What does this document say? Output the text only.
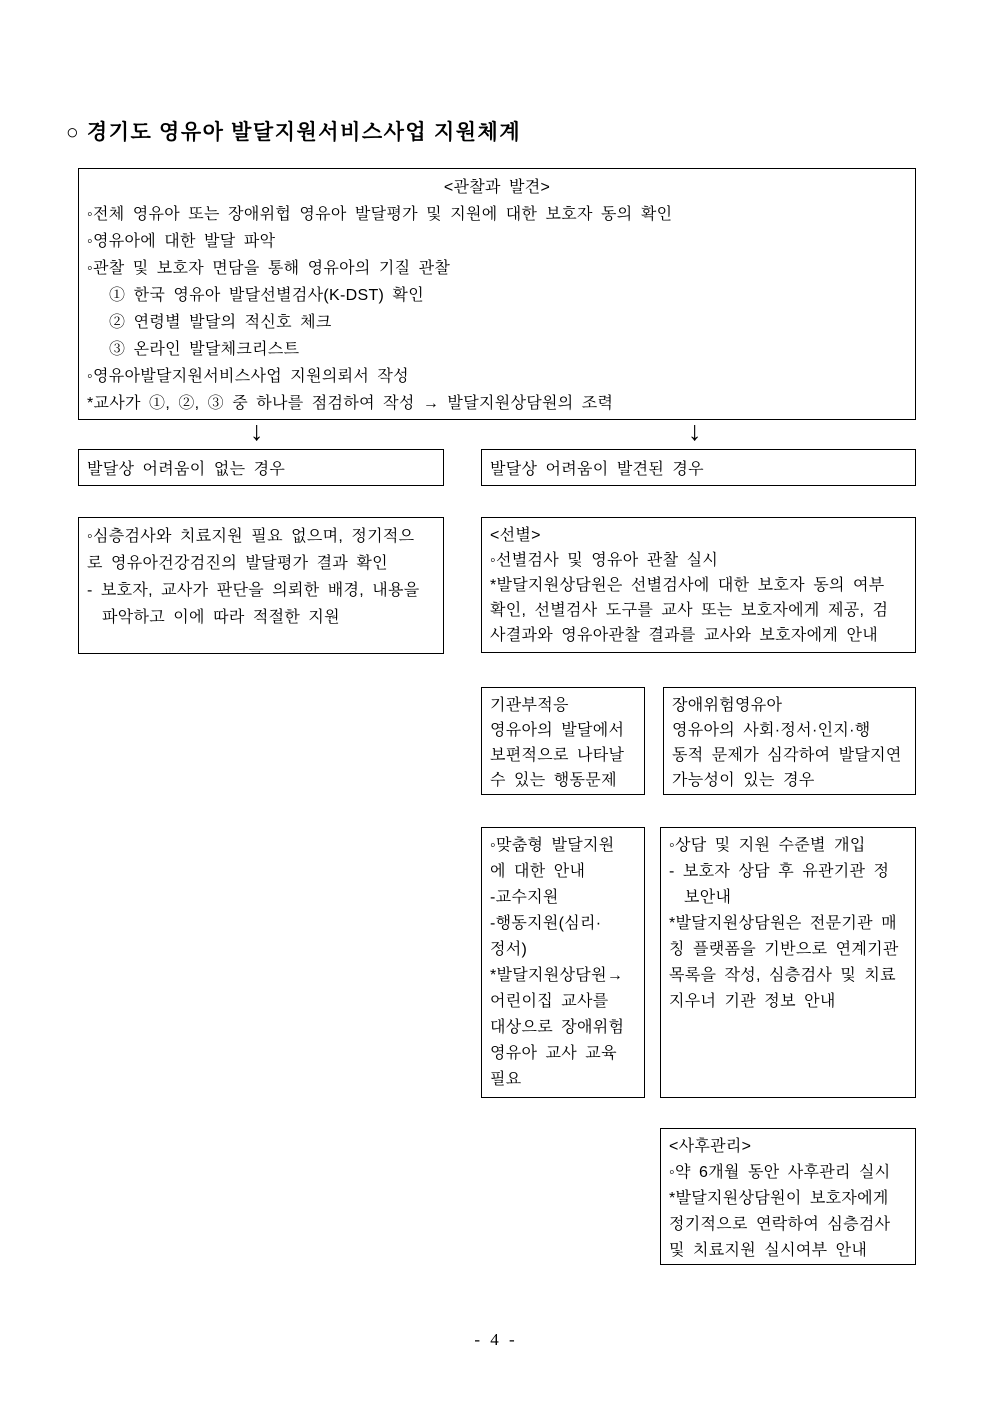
○ 경기도 영유아 발달지원서비스사업 지원체계
<관찰과 발견>
◦전체 영유아 또는 장애위헙 영유아 발달평가 및 지원에 대한 보호자 동의 확인
◦영유아에 대한 발달 파악
◦관찰 및 보호자 면담을 통해 영유아의 기질 관찰
① 한국 영유아 발달선별검사(K-DST) 확인
② 연령별 발달의 적신호 체크
③ 온라인 발달체크리스트
◦영유아발달지원서비스사업 지원의뢰서 작성
*교사가 ①, ②, ③ 중 하나를 점검하여 작성 → 발달지원상담원의 조력
↓	↓
발달상 어려움이 없는 경우	발달상 어려움이 발견된 경우
◦심층검사와 치료지원 필요 없으며, 정기적으
로 영유아건강검진의 발달평가 결과 확인
- 보호자, 교사가 판단을 의뢰한 배경, 내용을
파악하고 이에 따라 적절한 지원
<선별>
◦선별검사 및 영유아 관찰 실시
*발달지원상담원은 선별검사에 대한 보호자 동의 여부
확인, 선별검사 도구를 교사 또는 보호자에게 제공, 검
사결과와 영유아관찰 결과를 교사와 보호자에게 안내
기관부적응
영유아의 발달에서
보편적으로 나타날
수 있는 행동문제
장애위험영유아
영유아의 사회·정서·인지·행
동적 문제가 심각하여 발달지연
가능성이 있는 경우
◦맞춤형 발달지원
에 대한 안내
-교수지원
-행동지원(심리·
정서)
*발달지원상담원→
어린이집 교사를
대상으로 장애위험
영유아 교사 교육
필요
◦상담 및 지원 수준별 개입
- 보호자 상담 후 유관기관 정
보안내
*발달지원상담원은 전문기관 매
칭 플랫폼을 기반으로 연계기관
목록을 작성, 심층검사 및 치료
지우너 기관 정보 안내
<사후관리>
◦약 6개월 동안 사후관리 실시
*발달지원상담원이 보호자에게
정기적으로 연락하여 심층검사
및 치료지원 실시여부 안내
- 4 -
